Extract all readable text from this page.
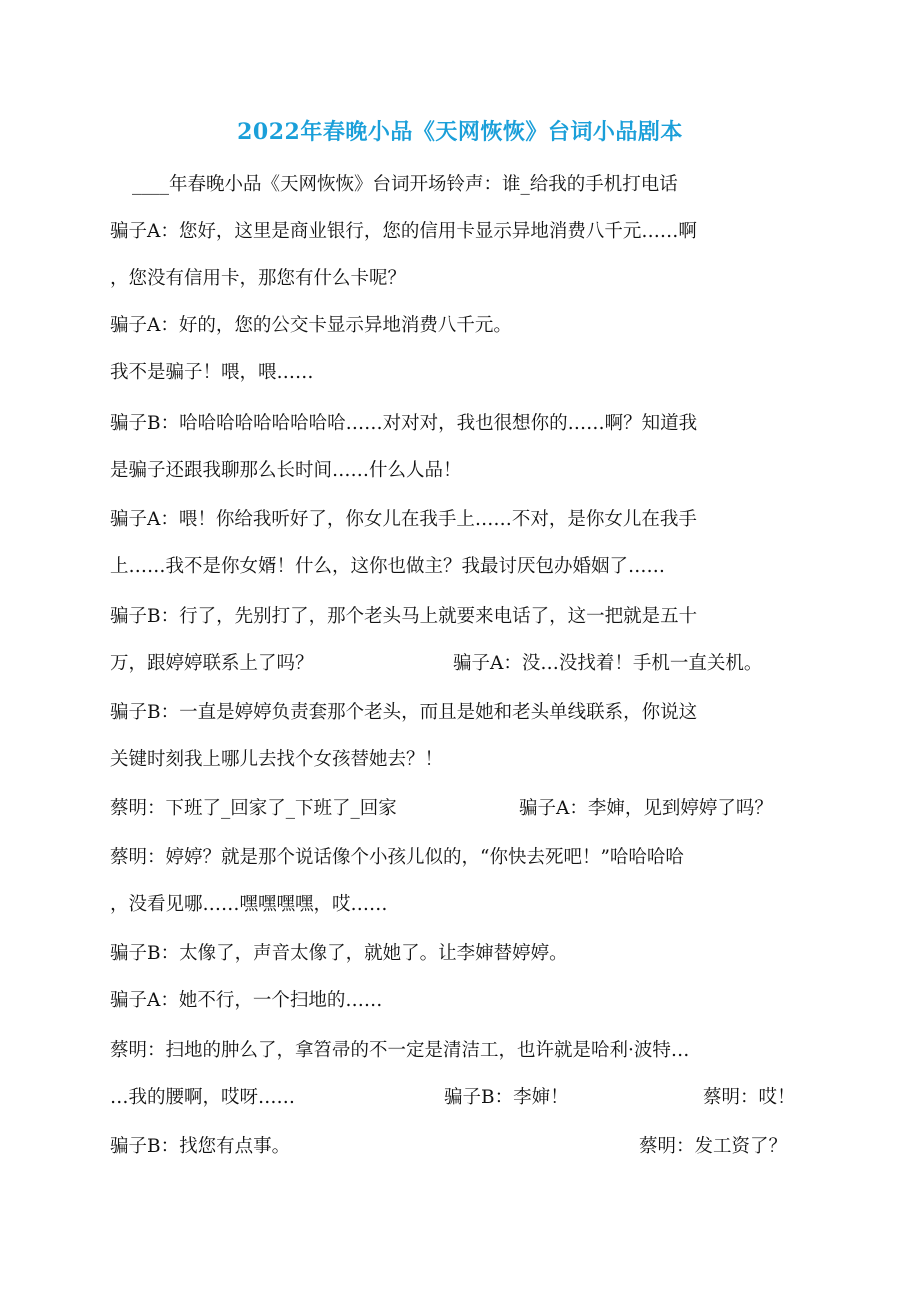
2022年春晚小品《天网恢恢》台词小品剧本
____年春晚小品《天网恢恢》台词开场铃声：谁_给我的手机打电话
骗子A：您好，这里是商业银行，您的信用卡显示异地消费八千元……啊
，您没有信用卡，那您有什么卡呢？
骗子A：好的，您的公交卡显示异地消费八千元。
我不是骗子！喂，喂……
骗子B：哈哈哈哈哈哈哈哈哈……对对对，我也很想你的……啊？知道我
是骗子还跟我聊那么长时间……什么人品！
骗子A：喂！你给我听好了，你女儿在我手上……不对，是你女儿在我手
上……我不是你女婿！什么，这你也做主？我最讨厌包办婚姻了……
骗子B：行了，先别打了，那个老头马上就要来电话了，这一把就是五十
万，跟婷婷联系上了吗？	骗子A：没…没找着！手机一直关机。
骗子B：一直是婷婷负责套那个老头，而且是她和老头单线联系，你说这
关键时刻我上哪儿去找个女孩替她去？！
蔡明：下班了_回家了_下班了_回家	骗子A：李婶，见到婷婷了吗？
蔡明：婷婷？就是那个说话像个小孩儿似的，“你快去死吧！”哈哈哈哈
，没看见哪……嘿嘿嘿嘿，哎……
骗子B：太像了，声音太像了，就她了。让李婶替婷婷。
骗子A：她不行，一个扫地的……
蔡明：扫地的肿么了，拿笤帚的不一定是清洁工，也许就是哈利·波特…
…我的腰啊，哎呀……	骗子B：李婶！	蔡明：哎！
骗子B：找您有点事。	蔡明：发工资了？
